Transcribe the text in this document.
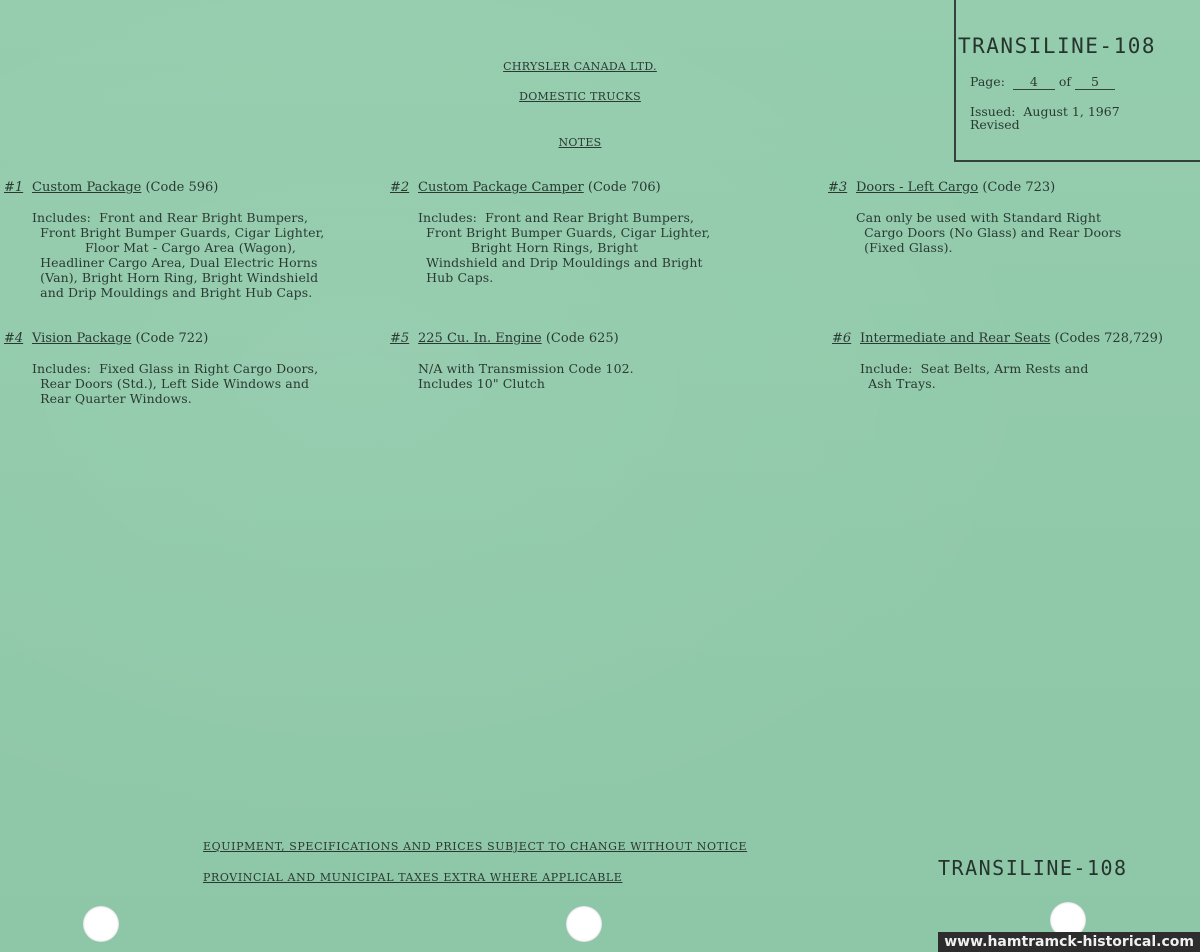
CHRYSLER CANADA LTD.
DOMESTIC TRUCKS
NOTES
TRANSILINE-108
Page: 4 of 5
Issued: August 1, 1967
Revised
#1 Custom Package (Code 596)
Includes:  Front and Rear Bright Bumpers,
Front Bright Bumper Guards, Cigar Lighter,
Floor Mat - Cargo Area (Wagon),
Headliner Cargo Area, Dual Electric Horns
(Van), Bright Horn Ring, Bright Windshield
and Drip Mouldings and Bright Hub Caps.
#2 Custom Package Camper (Code 706)
Includes:  Front and Rear Bright Bumpers,
Front Bright Bumper Guards, Cigar Lighter,
Bright Horn Rings, Bright
Windshield and Drip Mouldings and Bright
Hub Caps.
#3 Doors - Left Cargo (Code 723)
Can only be used with Standard Right
Cargo Doors (No Glass) and Rear Doors
(Fixed Glass).
#4 Vision Package (Code 722)
Includes:  Fixed Glass in Right Cargo Doors,
Rear Doors (Std.), Left Side Windows and
Rear Quarter Windows.
#5 225 Cu. In. Engine (Code 625)
N/A with Transmission Code 102.
Includes 10" Clutch
#6 Intermediate and Rear Seats (Codes 728,729)
Include:  Seat Belts, Arm Rests and
Ash Trays.
EQUIPMENT, SPECIFICATIONS AND PRICES SUBJECT TO CHANGE WITHOUT NOTICE
PROVINCIAL AND MUNICIPAL TAXES EXTRA WHERE APPLICABLE	TRANSILINE-108
www.hamtramck-historical.com
